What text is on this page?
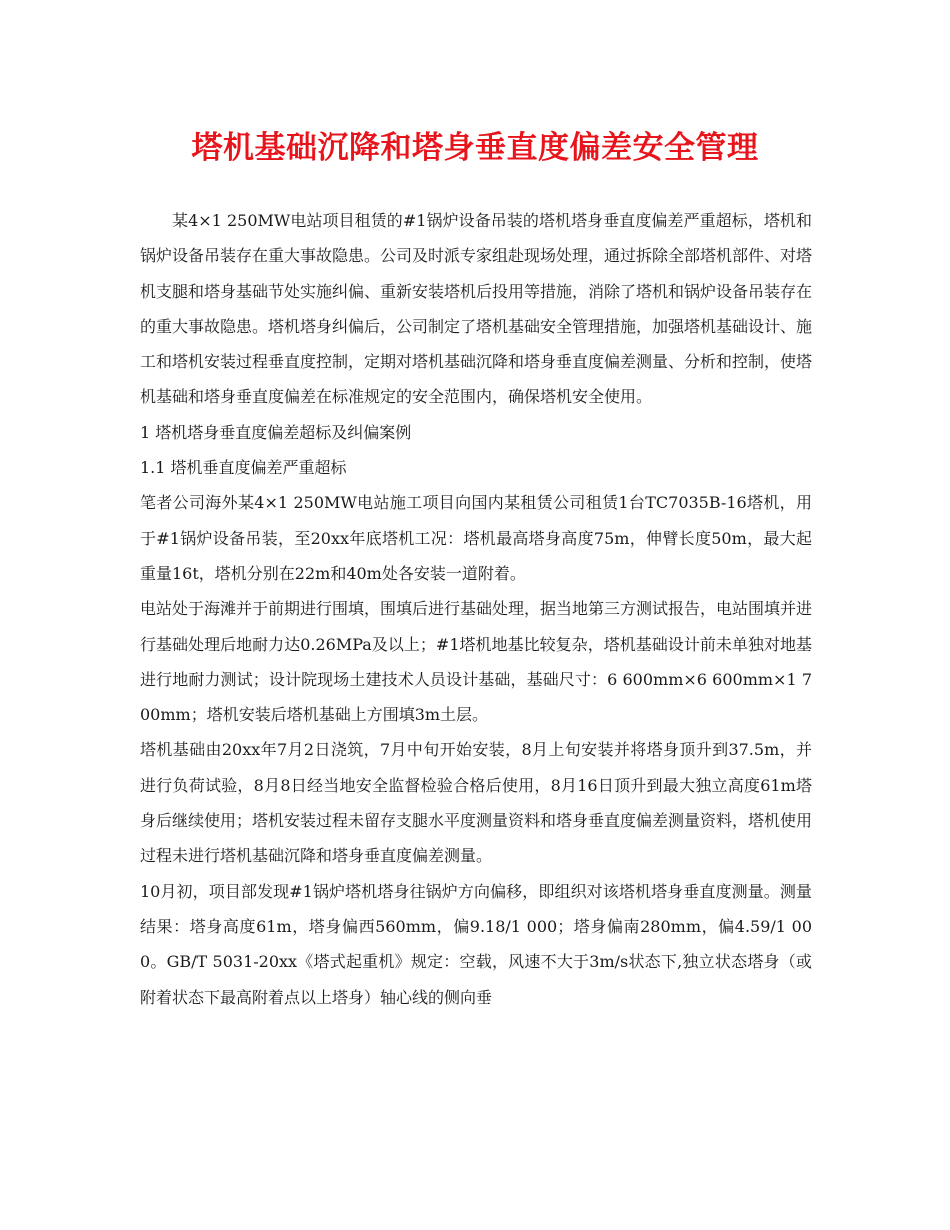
塔机基础沉降和塔身垂直度偏差安全管理

某4×1 250MW电站项目租赁的#1锅炉设备吊装的塔机塔身垂直度偏差严重超标，塔机和锅炉设备吊装存在重大事故隐患。公司及时派专家组赴现场处理，通过拆除全部塔机部件、对塔机支腿和塔身基础节处实施纠偏、重新安装塔机后投用等措施，消除了塔机和锅炉设备吊装存在的重大事故隐患。塔机塔身纠偏后，公司制定了塔机基础安全管理措施，加强塔机基础设计、施工和塔机安装过程垂直度控制，定期对塔机基础沉降和塔身垂直度偏差测量、分析和控制，使塔机基础和塔身垂直度偏差在标准规定的安全范围内，确保塔机安全使用。

1 塔机塔身垂直度偏差超标及纠偏案例

1.1 塔机垂直度偏差严重超标

笔者公司海外某4×1 250MW电站施工项目向国内某租赁公司租赁1台TC7035B-16塔机，用于#1锅炉设备吊装，至20xx年底塔机工况：塔机最高塔身高度75m，伸臂长度50m，最大起重量16t，塔机分别在22m和40m处各安装一道附着。

电站处于海滩并于前期进行围填，围填后进行基础处理，据当地第三方测试报告，电站围填并进行基础处理后地耐力达0.26MPa及以上；#1塔机地基比较复杂，塔机基础设计前未单独对地基进行地耐力测试；设计院现场土建技术人员设计基础，基础尺寸：6 600mm×6 600mm×1 700mm；塔机安装后塔机基础上方围填3m土层。

塔机基础由20xx年7月2日浇筑，7月中旬开始安装，8月上旬安装并将塔身顶升到37.5m，并进行负荷试验，8月8日经当地安全监督检验合格后使用，8月16日顶升到最大独立高度61m塔身后继续使用；塔机安装过程未留存支腿水平度测量资料和塔身垂直度偏差测量资料，塔机使用过程未进行塔机基础沉降和塔身垂直度偏差测量。

10月初，项目部发现#1锅炉塔机塔身往锅炉方向偏移，即组织对该塔机塔身垂直度测量。测量结果：塔身高度61m，塔身偏西560mm，偏9.18/1 000；塔身偏南280mm，偏4.59/1 000。GB/T 5031-20xx《塔式起重机》规定：空载，风速不大于3m/s状态下,独立状态塔身（或附着状态下最高附着点以上塔身）轴心线的侧向垂
